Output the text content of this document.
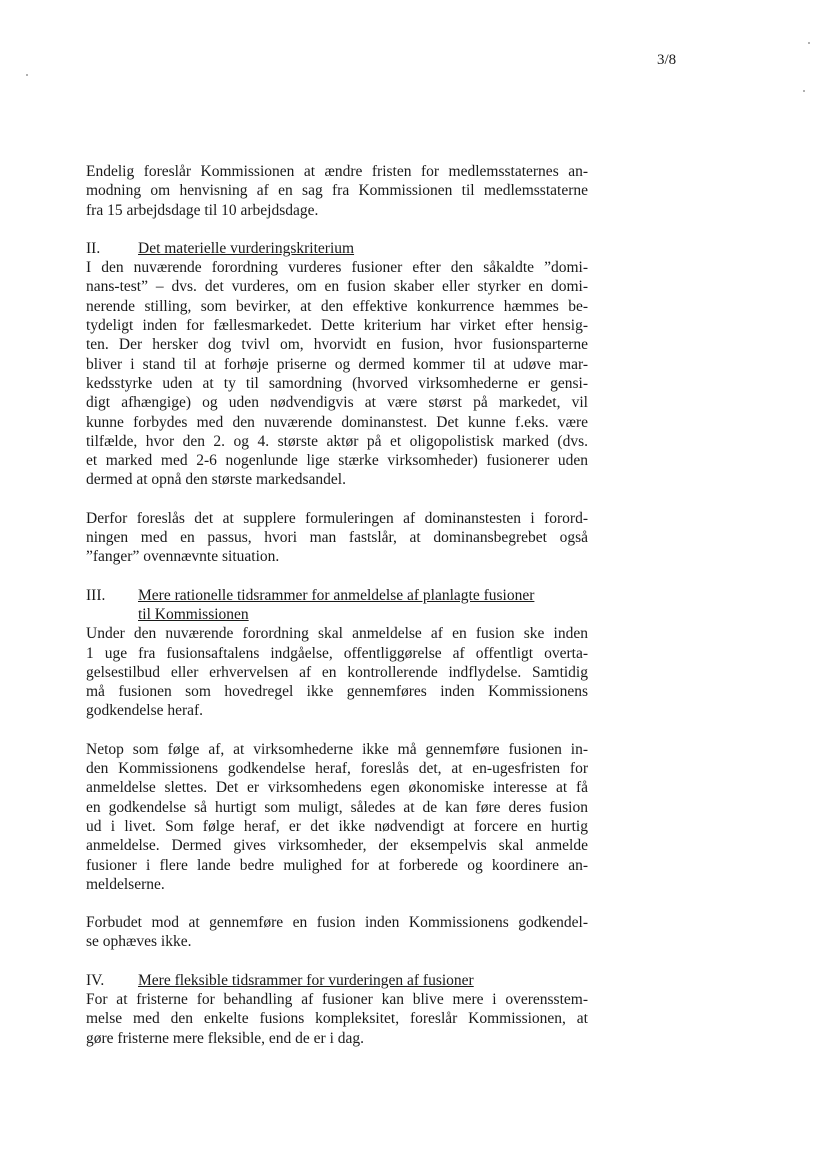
3/8

Endelig foreslår Kommissionen at ændre fristen for medlemsstaternes an-
modning om henvisning af en sag fra Kommissionen til medlemsstaterne
fra 15 arbejdsdage til 10 arbejdsdage.

II.	Det materielle vurderingskriterium

I den nuværende forordning vurderes fusioner efter den såkaldte ”domi-
nans-test” – dvs. det vurderes, om en fusion skaber eller styrker en domi-
nerende stilling, som bevirker, at den effektive konkurrence hæmmes be-
tydeligt inden for fællesmarkedet. Dette kriterium har virket efter hensig-
ten. Der hersker dog tvivl om, hvorvidt en fusion, hvor fusionsparterne
bliver i stand til at forhøje priserne og dermed kommer til at udøve mar-
kedsstyrke uden at ty til samordning (hvorved virksomhederne er gensi-
digt afhængige) og uden nødvendigvis at være størst på markedet, vil
kunne forbydes med den nuværende dominanstest. Det kunne f.eks. være
tilfælde, hvor den 2. og 4. største aktør på et oligopolistisk marked (dvs.
et marked med 2-6 nogenlunde lige stærke virksomheder) fusionerer uden
dermed at opnå den største markedsandel.

Derfor foreslås det at supplere formuleringen af dominanstesten i forord-
ningen med en passus, hvori man fastslår, at dominansbegrebet også
”fanger” ovennævnte situation.

III.	Mere rationelle tidsrammer for anmeldelse af planlagte fusioner
til Kommissionen

Under den nuværende forordning skal anmeldelse af en fusion ske inden
1 uge fra fusionsaftalens indgåelse, offentliggørelse af offentligt overta-
gelsestilbud eller erhvervelsen af en kontrollerende indflydelse. Samtidig
må fusionen som hovedregel ikke gennemføres inden Kommissionens
godkendelse heraf.

Netop som følge af, at virksomhederne ikke må gennemføre fusionen in-
den Kommissionens godkendelse heraf, foreslås det, at en-ugesfristen for
anmeldelse slettes. Det er virksomhedens egen økonomiske interesse at få
en godkendelse så hurtigt som muligt, således at de kan føre deres fusion
ud i livet. Som følge heraf, er det ikke nødvendigt at forcere en hurtig
anmeldelse. Dermed gives virksomheder, der eksempelvis skal anmelde
fusioner i flere lande bedre mulighed for at forberede og koordinere an-
meldelserne.

Forbudet mod at gennemføre en fusion inden Kommissionens godkendel-
se ophæves ikke.

IV.	Mere fleksible tidsrammer for vurderingen af fusioner

For at fristerne for behandling af fusioner kan blive mere i overensstem-
melse med den enkelte fusions kompleksitet, foreslår Kommissionen, at
gøre fristerne mere fleksible, end de er i dag.
